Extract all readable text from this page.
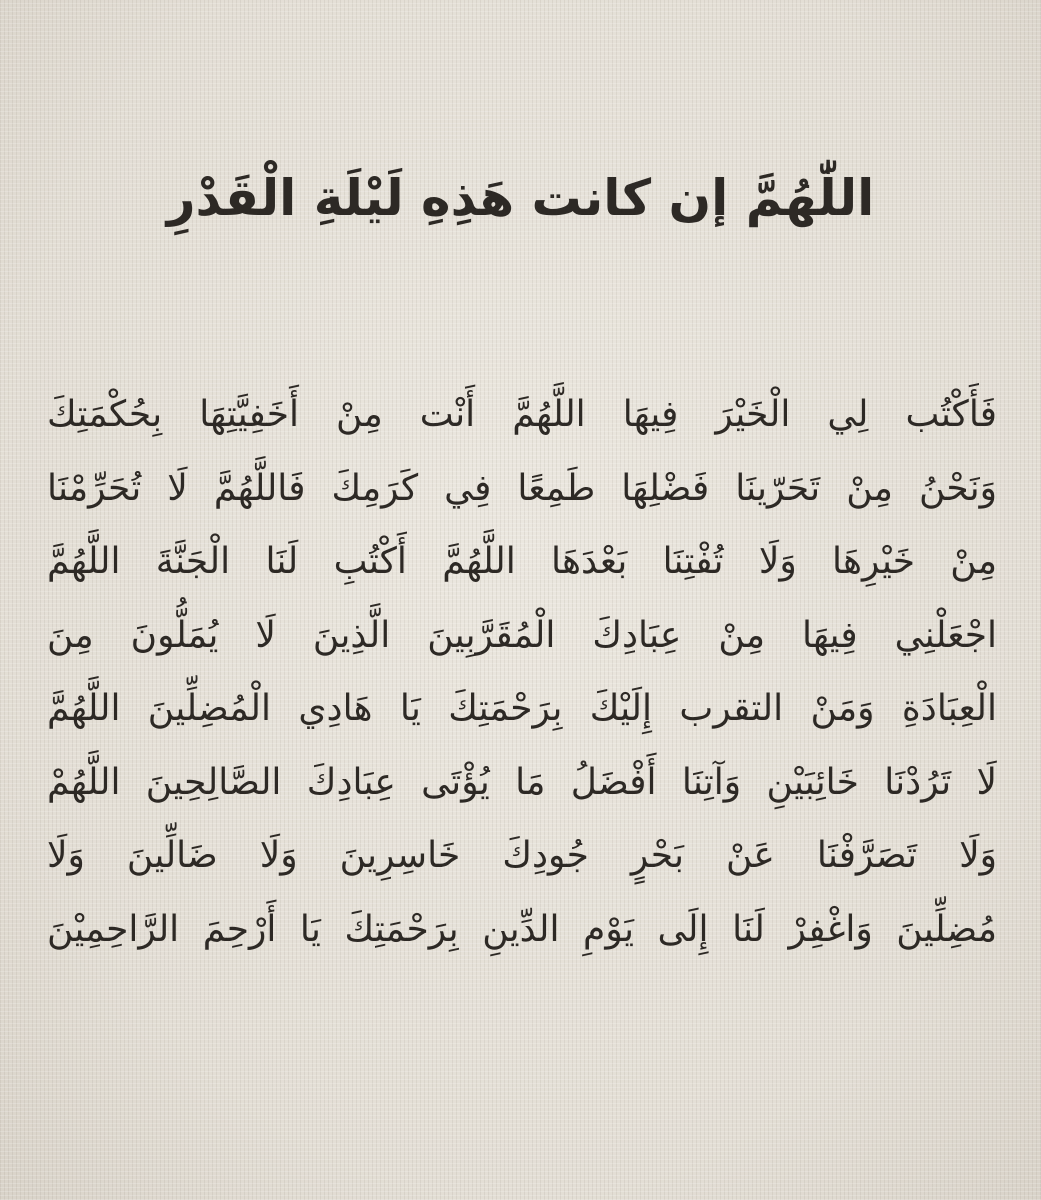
اللّٰهُمَّ إن كانت هَذِهِ لَيْلَةِ الْقَدْرِ
فَأَكْتُب لِي الْخَيْرَ فِيهَا اللَّهُمَّ أَنْت مِنْ أَخَفِيَّتِهَا بِحُكْمَتِكَ
وَنَحْنُ مِنْ تَحَرّينَا فَضْلِهَا طَمِعًا فِي كَرَمِكَ فَاللَّهُمَّ لَا تُحَرِّمْنَا
مِنْ خَيْرِهَا وَلَا تُفْتِنَا بَعْدَهَا اللَّهُمَّ أَكْتُبِ لَنَا الْجَنَّةَ اللَّهُمَّ
اجْعَلْنِي فِيهَا مِنْ عِبَادِكَ الْمُقَرَّبِينَ الَّذِينَ لَا يُمَلُّونَ مِنَ
الْعِبَادَةِ وَمَنْ التقرب إِلَيْكَ بِرَحْمَتِكَ يَا هَادِي الْمُضِلِّينَ اللَّهُمَّ
لَا تَرُدْنَا خَائِبَيْنِ وَآتِنَا أَفْضَلُ مَا يُؤْتَى عِبَادِكَ الصَّالِحِينَ اللَّهُمْ
وَلَا تَصَرَّفْنَا عَنْ بَحْرٍ جُودِكَ خَاسِرِينَ وَلَا ضَالِّينَ وَلَا
مُضِلِّينَ وَاغْفِرْ لَنَا إِلَى يَوْمِ الدِّينِ بِرَحْمَتِكَ يَا أَرْحِمَ الرَّاحِمِيْنَ
